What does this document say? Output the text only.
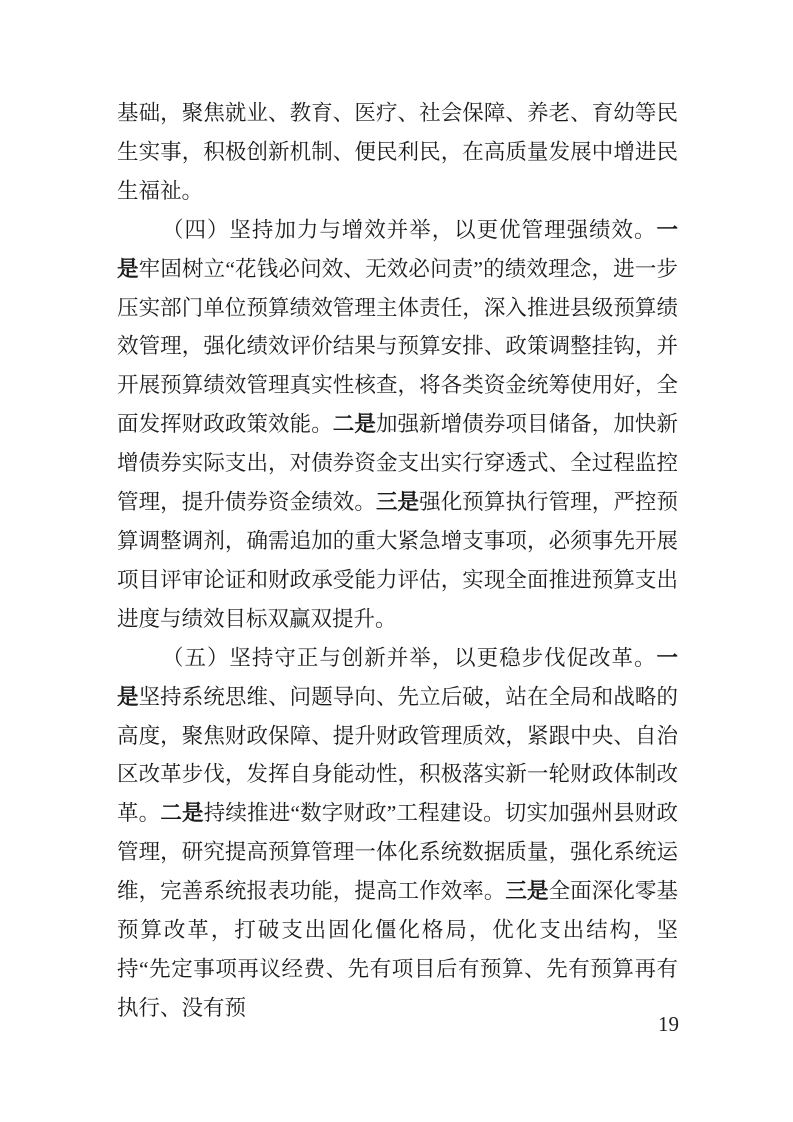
基础，聚焦就业、教育、医疗、社会保障、养老、育幼等民生实事，积极创新机制、便民利民，在高质量发展中增进民生福祉。

（四）坚持加力与增效并举，以更优管理强绩效。一是牢固树立“花钱必问效、无效必问责”的绩效理念，进一步压实部门单位预算绩效管理主体责任，深入推进县级预算绩效管理，强化绩效评价结果与预算安排、政策调整挂钩，并开展预算绩效管理真实性核查，将各类资金统筹使用好，全面发挥财政政策效能。二是加强新增债券项目储备，加快新增债券实际支出，对债券资金支出实行穿透式、全过程监控管理，提升债券资金绩效。三是强化预算执行管理，严控预算调整调剂，确需追加的重大紧急增支事项，必须事先开展项目评审论证和财政承受能力评估，实现全面推进预算支出进度与绩效目标双赢双提升。

（五）坚持守正与创新并举，以更稳步伐促改革。一是坚持系统思维、问题导向、先立后破，站在全局和战略的高度，聚焦财政保障、提升财政管理质效，紧跟中央、自治区改革步伐，发挥自身能动性，积极落实新一轮财政体制改革。二是持续推进“数字财政”工程建设。切实加强州县财政管理，研究提高预算管理一体化系统数据质量，强化系统运维，完善系统报表功能，提高工作效率。三是全面深化零基预算改革，打破支出固化僵化格局，优化支出结构，坚持“先定事项再议经费、先有项目后有预算、先有预算再有执行、没有预

19
